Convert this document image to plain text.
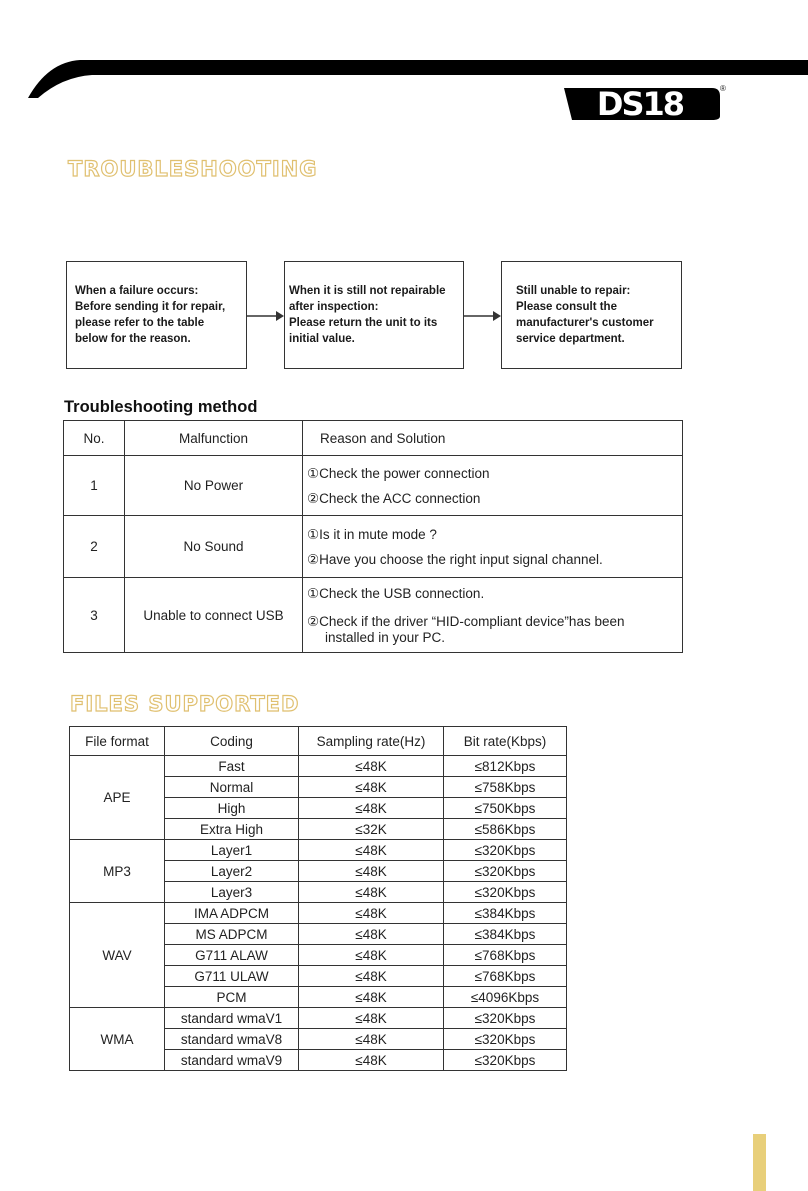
DS18	®
TROUBLESHOOTING
When a failure occurs:
Before sending it for repair,
please refer to the table
below for the reason.
When it is still not repairable
after inspection:
Please return the unit to its
initial value.
Still unable to repair:
Please consult the
manufacturer's customer
service department.
Troubleshooting method
No.	Malfunction	Reason and Solution
1	No Power	①Check the power connection
②Check the ACC connection
2	No Sound	①Is it in mute mode ?
②Have you choose the right input signal channel.
3	Unable to connect USB	①Check the USB connection.

②Check if the driver “HID-compliant device”has been
installed in your PC.
FILES SUPPORTED
File format	Coding	Sampling rate(Hz)	Bit rate(Kbps)
APE	Fast	≤48K	≤812Kbps
	Normal	≤48K	≤758Kbps
	High	≤48K	≤750Kbps
	Extra High	≤32K	≤586Kbps
MP3	Layer1	≤48K	≤320Kbps
	Layer2	≤48K	≤320Kbps
	Layer3	≤48K	≤320Kbps
WAV	IMA ADPCM	≤48K	≤384Kbps
	MS ADPCM	≤48K	≤384Kbps
	G711 ALAW	≤48K	≤768Kbps
	G711 ULAW	≤48K	≤768Kbps
	PCM	≤48K	≤4096Kbps
WMA	standard wmaV1	≤48K	≤320Kbps
	standard wmaV8	≤48K	≤320Kbps
	standard wmaV9	≤48K	≤320Kbps
